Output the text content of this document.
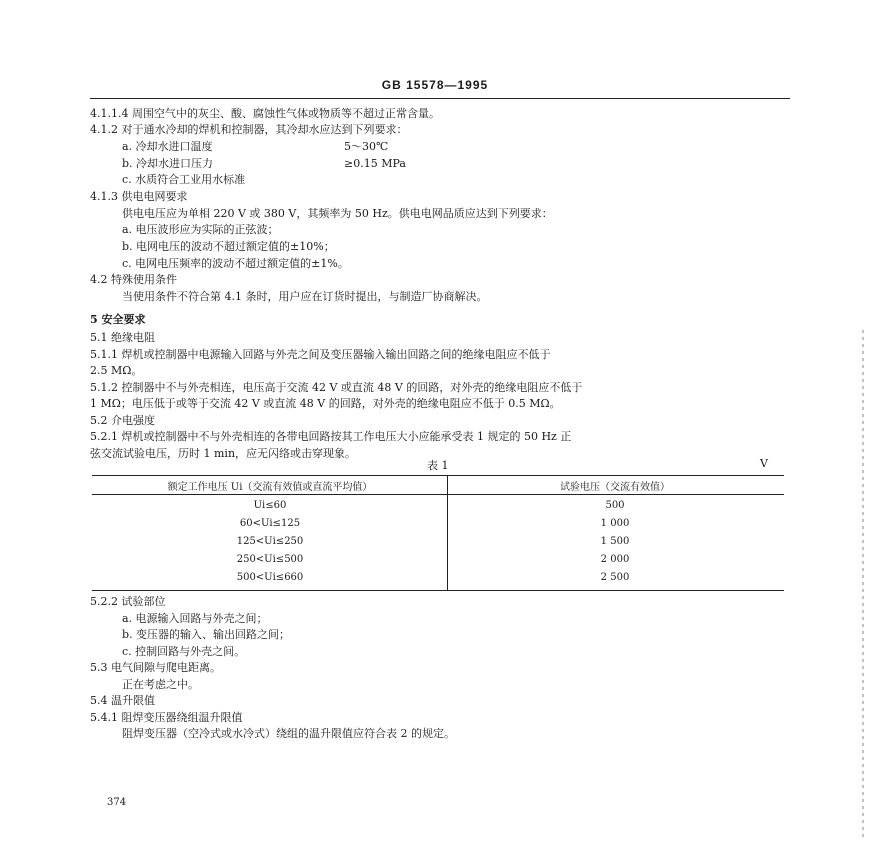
GB 15578—1995
4.1.1.4 周围空气中的灰尘、酸、腐蚀性气体或物质等不超过正常含量。
4.1.2 对于通水冷却的焊机和控制器，其冷却水应达到下列要求：
a. 冷却水进口温度	5～30℃
b. 冷却水进口压力	≥0.15 MPa
c. 水质符合工业用水标准
4.1.3 供电电网要求
供电电压应为单相 220 V 或 380 V，其频率为 50 Hz。供电电网品质应达到下列要求：
a. 电压波形应为实际的正弦波；
b. 电网电压的波动不超过额定值的±10%；
c. 电网电压频率的波动不超过额定值的±1%。
4.2 特殊使用条件
当使用条件不符合第 4.1 条时，用户应在订货时提出，与制造厂协商解决。
5 安全要求
5.1 绝缘电阻
5.1.1 焊机或控制器中电源输入回路与外壳之间及变压器输入输出回路之间的绝缘电阻应不低于
2.5 MΩ。
5.1.2 控制器中不与外壳相连，电压高于交流 42 V 或直流 48 V 的回路，对外壳的绝缘电阻应不低于
1 MΩ；电压低于或等于交流 42 V 或直流 48 V 的回路，对外壳的绝缘电阻应不低于 0.5 MΩ。
5.2 介电强度
5.2.1 焊机或控制器中不与外壳相连的各带电回路按其工作电压大小应能承受表 1 规定的 50 Hz 正
弦交流试验电压，历时 1 min，应无闪络或击穿现象。
表 1	V
额定工作电压 Ui（交流有效值或直流平均值）	试验电压（交流有效值）
Ui≤60	500
60<Ui≤125	1 000
125<Ui≤250	1 500
250<Ui≤500	2 000
500<Ui≤660	2 500
5.2.2 试验部位
a. 电源输入回路与外壳之间；
b. 变压器的输入、输出回路之间；
c. 控制回路与外壳之间。
5.3 电气间隙与爬电距离。
正在考虑之中。
5.4 温升限值
5.4.1 阻焊变压器绕组温升限值
阻焊变压器（空冷式或水冷式）绕组的温升限值应符合表 2 的规定。
374
